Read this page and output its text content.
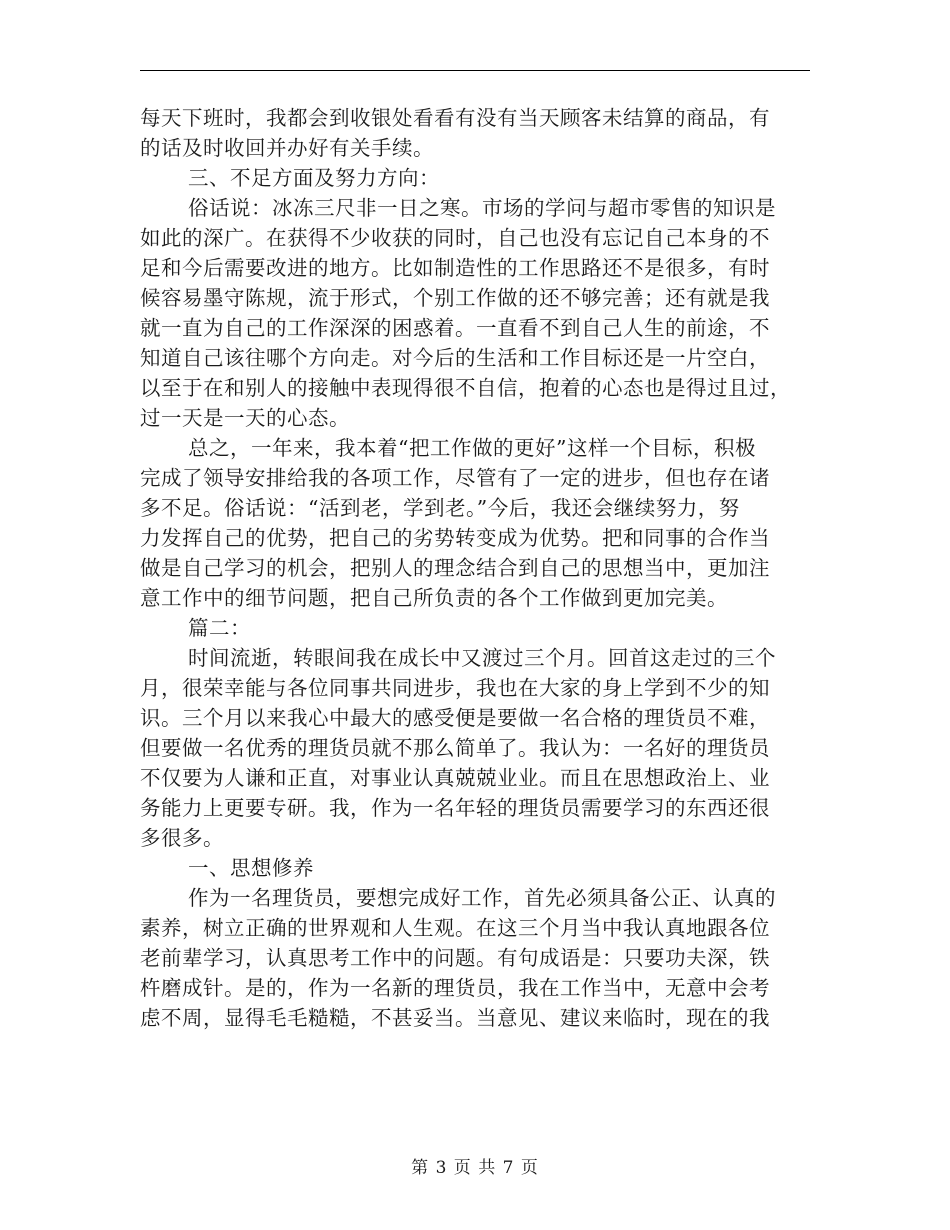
每天下班时，我都会到收银处看看有没有当天顾客未结算的商品，有

的话及时收回并办好有关手续。

三、不足方面及努力方向：

俗话说：冰冻三尺非一日之寒。市场的学问与超市零售的知识是

如此的深广。在获得不少收获的同时，自己也没有忘记自己本身的不

足和今后需要改进的地方。比如制造性的工作思路还不是很多，有时

候容易墨守陈规，流于形式，个别工作做的还不够完善；还有就是我

就一直为自己的工作深深的困惑着。一直看不到自己人生的前途，不

知道自己该往哪个方向走。对今后的生活和工作目标还是一片空白，

以至于在和别人的接触中表现得很不自信，抱着的心态也是得过且过，

过一天是一天的心态。

总之，一年来，我本着“把工作做的更好”这样一个目标，积极

完成了领导安排给我的各项工作，尽管有了一定的进步，但也存在诸

多不足。俗话说：“活到老，学到老。”今后，我还会继续努力，努

力发挥自己的优势，把自己的劣势转变成为优势。把和同事的合作当

做是自己学习的机会，把别人的理念结合到自己的思想当中，更加注

意工作中的细节问题，把自己所负责的各个工作做到更加完美。

篇二：

时间流逝，转眼间我在成长中又渡过三个月。回首这走过的三个

月，很荣幸能与各位同事共同进步，我也在大家的身上学到不少的知

识。三个月以来我心中最大的感受便是要做一名合格的理货员不难，

但要做一名优秀的理货员就不那么简单了。我认为：一名好的理货员

不仅要为人谦和正直，对事业认真兢兢业业。而且在思想政治上、业

务能力上更要专研。我，作为一名年轻的理货员需要学习的东西还很

多很多。

一、思想修养

作为一名理货员，要想完成好工作，首先必须具备公正、认真的

素养，树立正确的世界观和人生观。在这三个月当中我认真地跟各位

老前辈学习，认真思考工作中的问题。有句成语是：只要功夫深，铁

杵磨成针。是的，作为一名新的理货员，我在工作当中，无意中会考

虑不周，显得毛毛糙糙，不甚妥当。当意见、建议来临时，现在的我

第 3 页 共 7 页
